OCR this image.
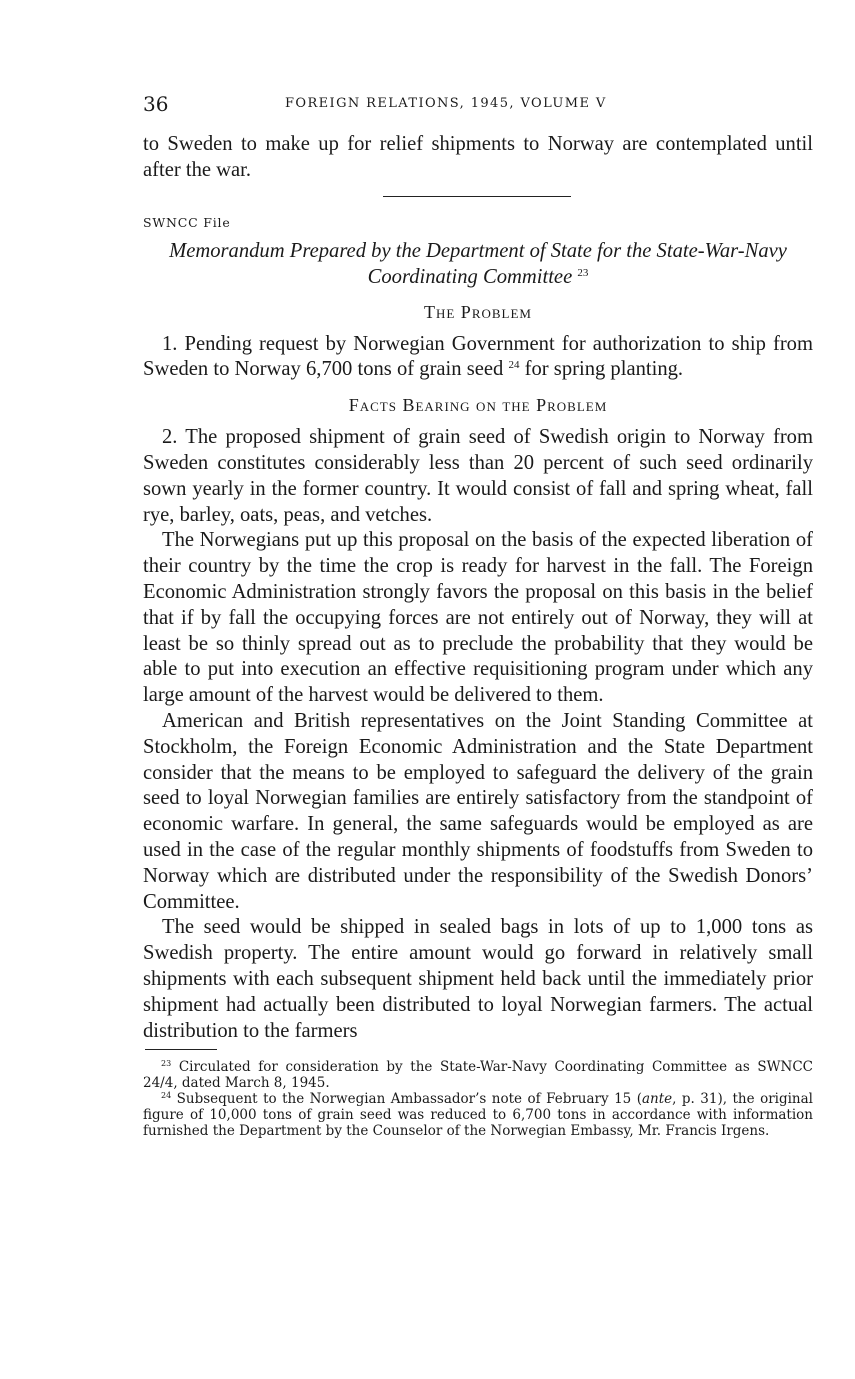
36	FOREIGN RELATIONS, 1945, VOLUME V

to Sweden to make up for relief shipments to Norway are contemplated until after the war.

SWNCC File
Memorandum Prepared by the Department of State for the State-War-Navy Coordinating Committee $^{23}$
The Problem

1. Pending request by Norwegian Government for authorization to ship from Sweden to Norway 6,700 tons of grain seed $^{24}$ for spring planting.

Facts Bearing on the Problem

2. The proposed shipment of grain seed of Swedish origin to Norway from Sweden constitutes considerably less than 20 percent of such seed ordinarily sown yearly in the former country. It would consist of fall and spring wheat, fall rye, barley, oats, peas, and vetches.

The Norwegians put up this proposal on the basis of the expected liberation of their country by the time the crop is ready for harvest in the fall. The Foreign Economic Administration strongly favors the proposal on this basis in the belief that if by fall the occupying forces are not entirely out of Norway, they will at least be so thinly spread out as to preclude the probability that they would be able to put into execution an effective requisitioning program under which any large amount of the harvest would be delivered to them.

American and British representatives on the Joint Standing Committee at Stockholm, the Foreign Economic Administration and the State Department consider that the means to be employed to safeguard the delivery of the grain seed to loyal Norwegian families are entirely satisfactory from the standpoint of economic warfare. In general, the same safeguards would be employed as are used in the case of the regular monthly shipments of foodstuffs from Sweden to Norway which are distributed under the responsibility of the Swedish Donors’ Committee.

The seed would be shipped in sealed bags in lots of up to 1,000 tons as Swedish property. The entire amount would go forward in relatively small shipments with each subsequent shipment held back until the immediately prior shipment had actually been distributed to loyal Norwegian farmers. The actual distribution to the farmers

$^{23}$ Circulated for consideration by the State-War-Navy Coordinating Committee as SWNCC 24/4, dated March 8, 1945.

$^{24}$ Subsequent to the Norwegian Ambassador’s note of February 15 (ante, p. 31), the original figure of 10,000 tons of grain seed was reduced to 6,700 tons in accordance with information furnished the Department by the Counselor of the Norwegian Embassy, Mr. Francis Irgens.
